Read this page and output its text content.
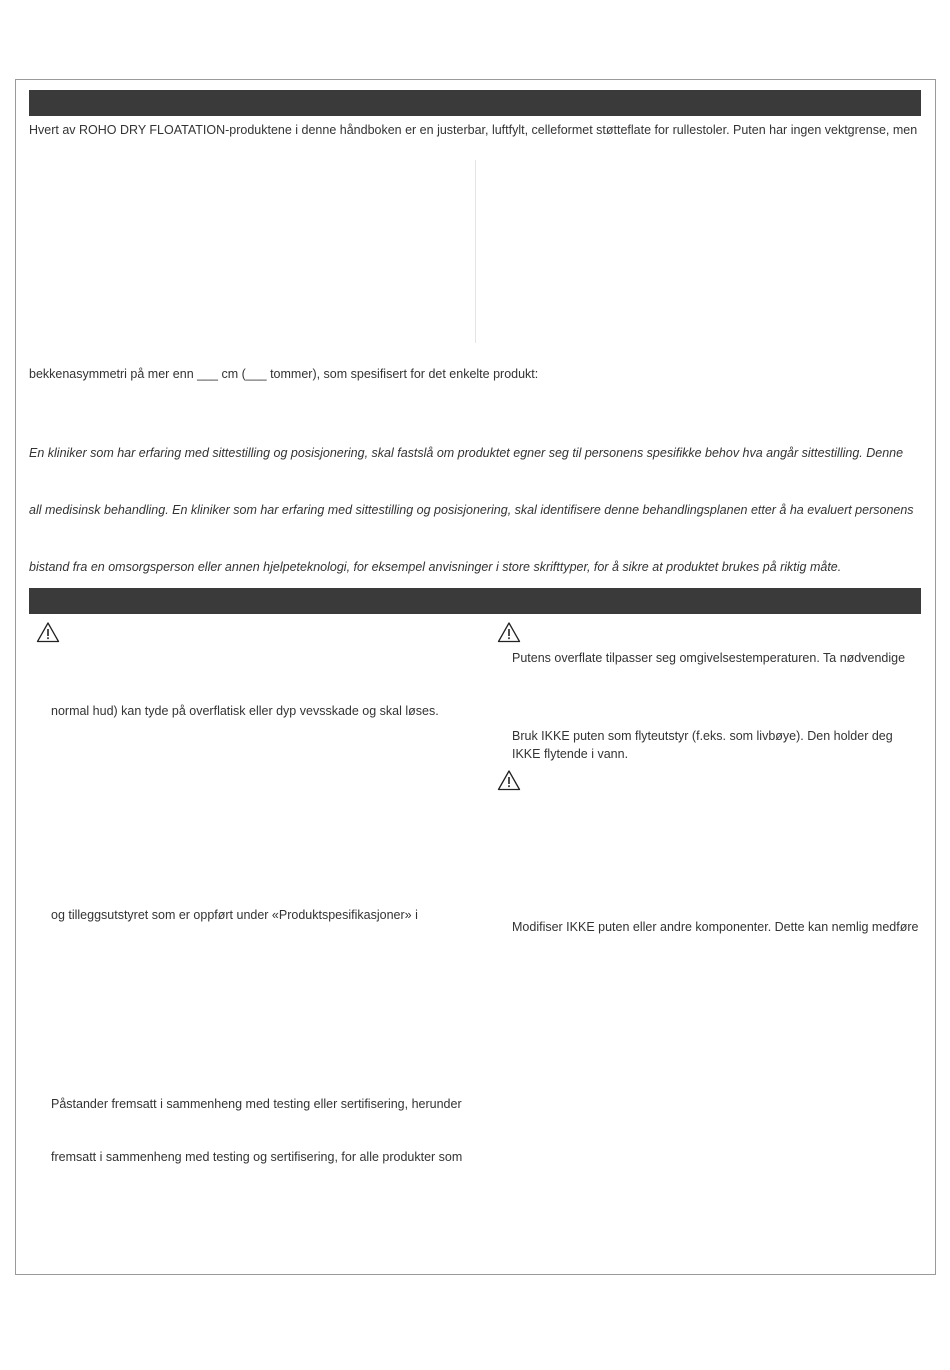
Hvert av ROHO DRY FLOATATION-produktene i denne håndboken er en justerbar, luftfylt, celleformet støtteflate for rullestoler. Puten har ingen vektgrense, men
bekkenasymmetri på mer enn ___ cm (___ tommer), som spesifisert for det enkelte produkt:
En kliniker som har erfaring med sittestilling og posisjonering, skal fastslå om produktet egner seg til personens spesifikke behov hva angår sittestilling. Denne
all medisinsk behandling. En kliniker som har erfaring med sittestilling og posisjonering, skal identifisere denne behandlingsplanen etter å ha evaluert personens
bistand fra en omsorgsperson eller annen hjelpeteknologi, for eksempel anvisninger i store skrifttyper, for å sikre at produktet brukes på riktig måte.
normal hud) kan tyde på overflatisk eller dyp vevsskade og skal løses.
og tilleggsutstyret som er oppført under «Produktspesifikasjoner» i
Påstander fremsatt i sammenheng med testing eller sertifisering, herunder
fremsatt i sammenheng med testing og sertifisering, for alle produkter som
Putens overflate tilpasser seg omgivelsestemperaturen. Ta nødvendige
Bruk IKKE puten som flyteutstyr (f.eks. som livbøye). Den holder deg IKKE flytende i vann.
Modifiser IKKE puten eller andre komponenter. Dette kan nemlig medføre
